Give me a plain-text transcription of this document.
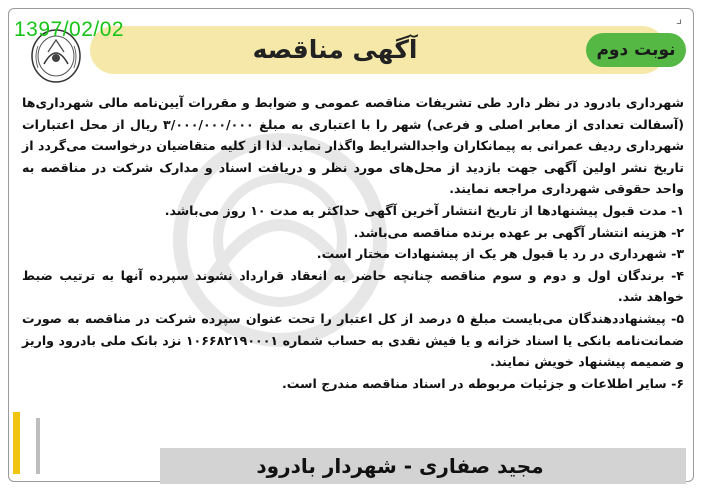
⌟
1397/02/02
آگهی مناقصه	نوبت دوم

شهرداری بادرود در نظر دارد طی تشریفات مناقصه عمومی و ضوابط و مقررات آیین‌نامه مالی شهرداری‌ها (آسفالت تعدادی از معابر اصلی و فرعی) شهر را با اعتباری به مبلغ ۳/۰۰۰/۰۰۰/۰۰۰ ریال از محل اعتبارات شهرداری ردیف عمرانی به پیمانکاران واجد‌الشرایط واگذار نماید. لذا از کلیه متقاضیان درخواست می‌گردد از تاریخ نشر اولین آگهی جهت بازدید از محل‌های مورد نظر و دریافت اسناد و مدارک شرکت در مناقصه به واحد حقوقی شهرداری مراجعه نمایند.

۱- مدت قبول پیشنهادها از تاریخ انتشار آخرین آگهی حداکثر به مدت ۱۰ روز می‌باشد.

۲- هزینه انتشار آگهی بر عهده برنده مناقصه می‌باشد.

۳- شهرداری در رد یا قبول هر یک از پیشنهادات مختار است.

۴- برندگان اول و دوم و سوم مناقصه چنانچه حاضر به انعقاد قرارداد نشوند سپرده آنها به ترتیب ضبط خواهد شد.

۵- پیشنهاددهندگان می‌بایست مبلغ ۵ درصد از کل اعتبار را تحت عنوان سپرده شرکت در مناقصه به صورت ضمانت‌نامه بانکی یا اسناد خزانه و یا فیش نقدی به حساب شماره ۱۰۶۶۸۲۱۹۰۰۰۱ نزد بانک ملی بادرود واریز و ضمیمه پیشنهاد خویش نمایند.

۶- سایر اطلاعات و جزئیات مربوطه در اسناد مناقصه مندرج است.

مجید صفاری - شهردار بادرود
